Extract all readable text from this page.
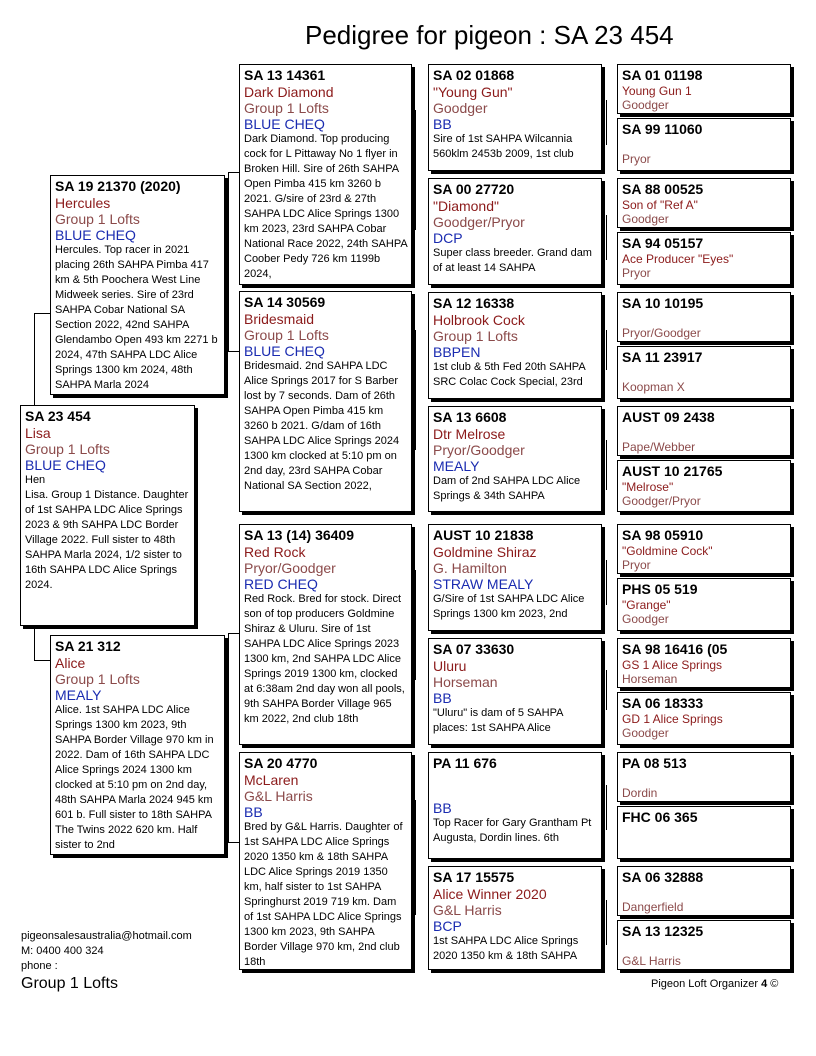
Pedigree for pigeon : SA 23 454
SA 23 454
Lisa
Group 1 Lofts
BLUE CHEQ
Hen
Lisa. Group 1 Distance. Daughter of 1st SAHPA LDC Alice Springs 2023 & 9th SAHPA LDC Border Village 2022. Full sister to 48th SAHPA Marla 2024, 1/2 sister to 16th SAHPA LDC Alice Springs 2024.
SA 19 21370 (2020)
Hercules
Group 1 Lofts
BLUE CHEQ
Hercules. Top racer in 2021 placing 26th SAHPA Pimba 417 km & 5th Poochera West Line Midweek series. Sire of 23rd SAHPA Cobar National SA Section 2022, 42nd SAHPA Glendambo Open 493 km 2271 b 2024, 47th SAHPA LDC Alice Springs 1300 km 2024, 48th SAHPA Marla 2024
SA 21 312
Alice
Group 1 Lofts
MEALY
Alice. 1st SAHPA LDC Alice Springs 1300 km 2023, 9th SAHPA Border Village 970 km in 2022. Dam of 16th SAHPA LDC Alice Springs 2024 1300 km clocked at 5:10 pm on 2nd day, 48th SAHPA Marla 2024 945 km 601 b. Full sister to 18th SAHPA The Twins 2022 620 km. Half sister to 2nd
SA 13 14361
Dark Diamond
Group 1 Lofts
BLUE CHEQ
Dark Diamond. Top producing cock for L Pittaway No 1 flyer in Broken Hill. Sire of 26th SAHPA Open Pimba 415 km 3260 b 2021. G/sire of 23rd & 27th SAHPA LDC Alice Springs 1300 km 2023, 23rd SAHPA Cobar National Race 2022, 24th SAHPA Coober Pedy 726 km 1199b 2024,
SA 14 30569
Bridesmaid
Group 1 Lofts
BLUE CHEQ
Bridesmaid. 2nd SAHPA LDC Alice Springs 2017 for S Barber lost by 7 seconds. Dam of 26th SAHPA Open Pimba 415 km 3260 b 2021. G/dam of 16th SAHPA LDC Alice Springs 2024 1300 km clocked at 5:10 pm on 2nd day, 23rd SAHPA Cobar National SA Section 2022,
SA 13 (14) 36409
Red Rock
Pryor/Goodger
RED CHEQ
Red Rock. Bred for stock. Direct son of top producers Goldmine Shiraz & Uluru. Sire of 1st SAHPA LDC Alice Springs 2023 1300 km, 2nd SAHPA LDC Alice Springs 2019 1300 km, clocked at 6:38am 2nd day won all pools, 9th SAHPA Border Village 965 km 2022, 2nd club 18th
SA 20 4770
McLaren
G&L Harris
BB
Bred by G&L Harris. Daughter of 1st SAHPA LDC Alice Springs 2020 1350 km & 18th SAHPA LDC Alice Springs 2019 1350 km, half sister to 1st SAHPA Springhurst 2019 719 km. Dam of 1st SAHPA LDC Alice Springs 1300 km 2023, 9th SAHPA Border Village 970 km, 2nd club 18th
SA 02 01868
"Young Gun"
Goodger
BB
Sire of 1st SAHPA Wilcannia 560klm 2453b 2009, 1st club
SA 00 27720
"Diamond"
Goodger/Pryor
DCP
Super class breeder. Grand dam of at least 14 SAHPA
SA 12 16338
Holbrook Cock
Group 1 Lofts
BBPEN
1st club & 5th Fed 20th SAHPA SRC Colac Cock Special, 23rd
SA 13 6608
Dtr Melrose
Pryor/Goodger
MEALY
Dam of 2nd SAHPA LDC Alice Springs & 34th SAHPA
AUST 10 21838
Goldmine Shiraz
G. Hamilton
STRAW MEALY
G/Sire of 1st SAHPA LDC Alice Springs 1300 km 2023, 2nd
SA 07 33630
Uluru
Horseman
BB
"Uluru" is dam of 5 SAHPA places: 1st SAHPA Alice
PA 11 676
BB
Top Racer for Gary Grantham Pt Augusta, Dordin lines. 6th
SA 17 15575
Alice Winner 2020
G&L Harris
BCP
1st SAHPA LDC Alice Springs 2020 1350 km & 18th SAHPA
SA 01 01198
Young Gun 1
Goodger
SA 99 11060
Pryor
SA 88 00525
Son of "Ref A"
Goodger
SA 94 05157
Ace Producer "Eyes"
Pryor
SA 10 10195
Pryor/Goodger
SA 11 23917
Koopman X
AUST 09 2438
Pape/Webber
AUST 10 21765
"Melrose"
Goodger/Pryor
SA 98 05910
"Goldmine Cock"
Pryor
PHS 05 519
"Grange"
Goodger
SA 98 16416 (05
GS 1 Alice Springs
Horseman
SA 06 18333
GD 1 Alice Springs
Goodger
PA 08 513
Dordin
FHC 06 365
SA 06 32888
Dangerfield
SA 13 12325
G&L Harris
pigeonsalesaustralia@hotmail.com
M: 0400 400 324
phone :
Group 1 Lofts	Pigeon Loft Organizer 4 ©
